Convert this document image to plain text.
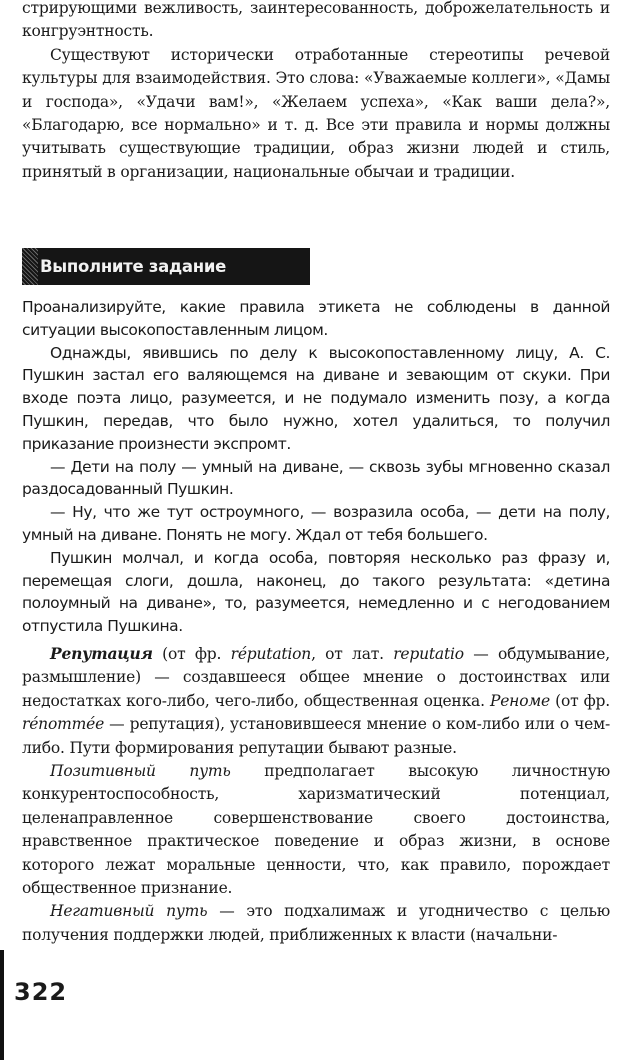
стрирующими вежливость, заинтересованность, доброжелательность и конгруэнтность.

Существуют исторически отработанные стереотипы речевой культуры для взаимодействия. Это слова: «Уважаемые коллеги», «Дамы и господа», «Удачи вам!», «Желаем успеха», «Как ваши дела?», «Благодарю, все нормально» и т. д. Все эти правила и нормы должны учитывать существующие традиции, образ жизни людей и стиль, принятый в организации, национальные обычаи и традиции.

Выполните задание

Проанализируйте, какие правила этикета не соблюдены в данной ситуации высокопоставленным лицом.

Однажды, явившись по делу к высокопоставленному лицу, А. С. Пушкин застал его валяющемся на диване и зевающим от скуки. При входе поэта лицо, разумеется, и не подумало изменить позу, а когда Пушкин, передав, что было нужно, хотел удалиться, то получил приказание произнести экспромт.

— Дети на полу — умный на диване, — сквозь зубы мгновенно сказал раздосадованный Пушкин.

— Ну, что же тут остроумного, — возразила особа, — дети на полу, умный на диване. Понять не могу. Ждал от тебя большего.

Пушкин молчал, и когда особа, повторяя несколько раз фразу и, перемещая слоги, дошла, наконец, до такого результата: «детина полоумный на диване», то, разумеется, немедленно и с негодованием отпустила Пушкина.

Репутация (от фр. réputation, от лат. reputatio — обдумывание, размышление) — создавшееся общее мнение о достоинствах или недостатках кого-либо, чего-либо, общественная оценка. Реноме (от фр. rénommée — репутация), установившееся мнение о ком-либо или о чем-либо. Пути формирования репутации бывают разные.

Позитивный путь предполагает высокую личностную конкурентоспособность, харизматический потенциал, целенаправленное совершенствование своего достоинства, нравственное практическое поведение и образ жизни, в основе которого лежат моральные ценности, что, как правило, порождает общественное признание.

Негативный путь — это подхалимаж и угодничество с целью получения поддержки людей, приближенных к власти (начальни-

322
